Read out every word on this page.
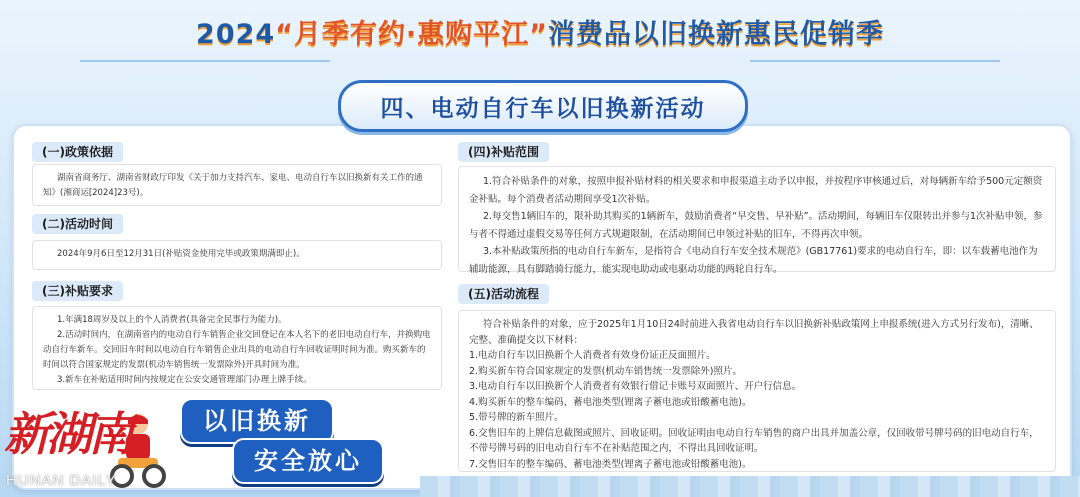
2024“月季有约·惠购平江”消费品以旧换新惠民促销季
四、电动自行车以旧换新活动
(一)政策依据

湖南省商务厅、湖南省财政厅印发《关于加力支持汽车、家电、电动自行车以旧换新有关工作的通知》(湘商运[2024]23号)。

(二)活动时间

2024年9月6日至12月31日(补贴资金使用完毕或政策期满即止)。

(三)补贴要求

1.年满18周岁及以上的个人消费者(具备完全民事行为能力)。

2.活动时间内，在湖南省内的电动自行车销售企业交回登记在本人名下的老旧电动自行车，并换购电动自行车新车。交回旧车时间以电动自行车销售企业出具的电动自行车回收证明时间为准。购买新车的时间以符合国家规定的发票(机动车销售统一发票除外)开具时间为准。

3.新车在补贴适用时间内按规定在公安交通管理部门办理上牌手续。

(四)补贴范围

1.符合补贴条件的对象，按照申报补贴材料的相关要求和申报渠道主动予以申报，并按程序审核通过后，对每辆新车给予500元定额资金补贴。每个消费者活动期间享受1次补贴。

2.每交售1辆旧车的，限补助其购买的1辆新车，鼓励消费者“早交售、早补贴”。活动期间，每辆旧车仅限转出并参与1次补贴申领，参与者不得通过虚假交易等任何方式规避限制，在活动期间已申领过补贴的旧车，不得再次申领。

3.本补贴政策所指的电动自行车新车，是指符合《电动自行车安全技术规范》(GB17761)要求的电动自行车，即：以车载蓄电池作为辅助能源，具有脚踏骑行能力，能实现电助动或电驱动功能的两轮自行车。

(五)活动流程

符合补贴条件的对象，应于2025年1月10日24时前进入我省电动自行车以旧换新补贴政策网上申报系统(进入方式另行发布)，清晰、完整、准确提交以下材料：

1.电动自行车以旧换新个人消费者有效身份证正反面照片。

2.购买新车符合国家规定的发票(机动车销售统一发票除外)照片。

3.电动自行车以旧换新个人消费者有效银行借记卡账号双面照片、开户行信息。

4.购买新车的整车编码、蓄电池类型(锂离子蓄电池或铅酸蓄电池)。

5.带号牌的新车照片。

6.交售旧车的上牌信息截图或照片、回收证明。回收证明由电动自行车销售的商户出具并加盖公章，仅回收带号牌号码的旧电动自行车，不带号牌号码的旧电动自行车不在补贴范围之内，不得出具回收证明。

7.交售旧车的整车编码、蓄电池类型(锂离子蓄电池或铅酸蓄电池)。

以旧换新
安全放心
新湖南
HUNAN DAILY
